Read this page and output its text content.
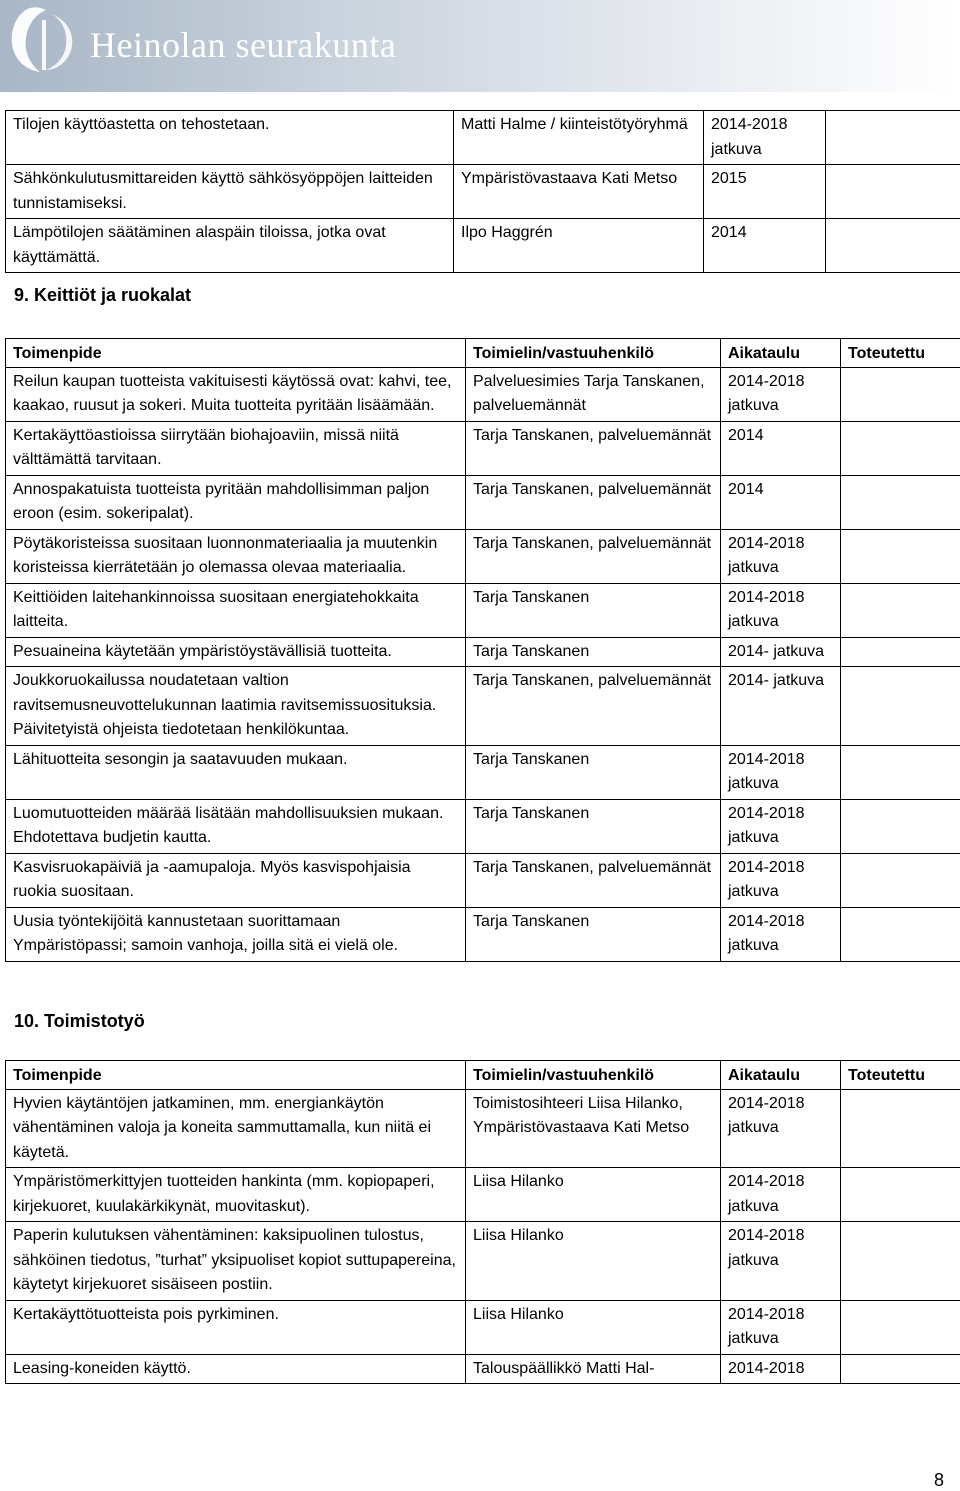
Heinolan seurakunta
Tilojen käyttöastetta on tehostetaan.	Matti Halme / kiinteistötyöryhmä	2014-2018 jatkuva	
Sähkönkulutusmittareiden käyttö sähkösyöppöjen laitteiden tunnistamiseksi.	Ympäristövastaava Kati Metso	2015	
Lämpötilojen säätäminen alaspäin tiloissa, jotka ovat käyttämättä.	Ilpo Haggrén	2014	
9. Keittiöt ja ruokalat
Toimenpide	Toimielin/vastuuhenkilö	Aikataulu	Toteutettu
Reilun kaupan tuotteista vakituisesti käytössä ovat: kahvi, tee, kaakao, ruusut ja sokeri. Muita tuotteita pyritään lisäämään.	Palveluesimies Tarja Tanskanen, palveluemännät	2014-2018 jatkuva	
Kertakäyttöastioissa siirrytään biohajoaviin, missä niitä välttämättä tarvitaan.	Tarja Tanskanen, palveluemännät	2014	
Annospakatuista tuotteista pyritään mahdollisimman paljon eroon (esim. sokeripalat).	Tarja Tanskanen, palveluemännät	2014	
Pöytäkoristeissa suositaan luonnonmateriaalia ja muutenkin koristeissa kierrätetään jo olemassa olevaa materiaalia.	Tarja Tanskanen, palveluemännät	2014-2018 jatkuva	
Keittiöiden laitehankinnoissa suositaan energiatehokkaita laitteita.	Tarja Tanskanen	2014-2018 jatkuva	
Pesuaineina käytetään ympäristöystävällisiä tuotteita.	Tarja Tanskanen	2014- jatkuva	
Joukkoruokailussa noudatetaan valtion ravitsemusneuvottelukunnan laatimia ravitsemissuosituksia. Päivitetyistä ohjeista tiedotetaan henkilökuntaa.	Tarja Tanskanen, palveluemännät	2014- jatkuva	
Lähituotteita sesongin ja saatavuuden mukaan.	Tarja Tanskanen	2014-2018 jatkuva	
Luomutuotteiden määrää lisätään mahdollisuuksien mukaan. Ehdotettava budjetin kautta.	Tarja Tanskanen	2014-2018 jatkuva	
Kasvisruokapäiviä ja -aamupaloja. Myös kasvispohjaisia ruokia suositaan.	Tarja Tanskanen, palveluemännät	2014-2018 jatkuva	
Uusia työntekijöitä kannustetaan suorittamaan Ympäristöpassi; samoin vanhoja, joilla sitä ei vielä ole.	Tarja Tanskanen	2014-2018 jatkuva	
10. Toimistotyö
Toimenpide	Toimielin/vastuuhenkilö	Aikataulu	Toteutettu
Hyvien käytäntöjen jatkaminen, mm. energiankäytön vähentäminen valoja ja koneita sammuttamalla, kun niitä ei käytetä.	Toimistosihteeri Liisa Hilanko, Ympäristövastaava Kati Metso	2014-2018 jatkuva	
Ympäristömerkittyjen tuotteiden hankinta (mm. kopiopaperi, kirjekuoret, kuulakärkikynät, muovitaskut).	Liisa Hilanko	2014-2018 jatkuva	
Paperin kulutuksen vähentäminen: kaksipuolinen tulostus, sähköinen tiedotus, ”turhat” yksipuoliset kopiot suttupapereina, käytetyt kirjekuoret sisäiseen postiin.	Liisa Hilanko	2014-2018 jatkuva	
Kertakäyttötuotteista pois pyrkiminen.	Liisa Hilanko	2014-2018 jatkuva	
Leasing-koneiden käyttö.	Talouspäällikkö Matti Hal-	2014-2018	
8
